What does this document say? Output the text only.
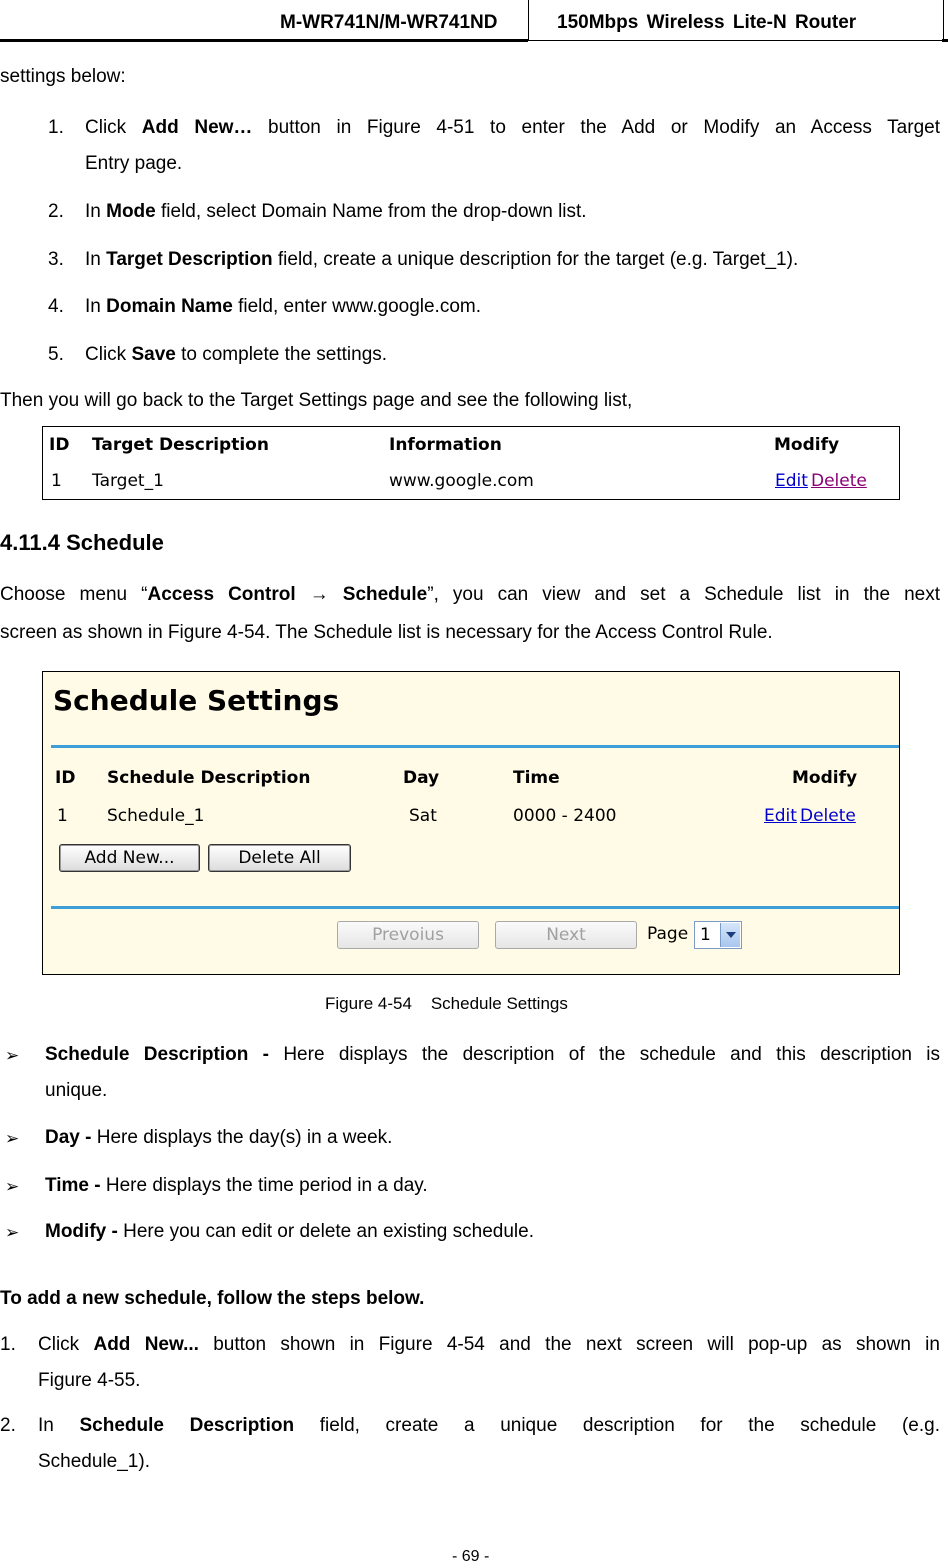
M-WR741N/M-WR741ND	150Mbps Wireless Lite-N Router
settings below:
1. Click Add New… button in Figure 4-51 to enter the Add or Modify an Access Target
Entry page.
2. In Mode field, select Domain Name from the drop-down list.
3. In Target Description field, create a unique description for the target (e.g. Target_1).
4. In Domain Name field, enter www.google.com.
5. Click Save to complete the settings.
Then you will go back to the Target Settings page and see the following list,
ID Target Description	Information	Modify
1 Target_1	www.google.com	Edit Delete
4.11.4 Schedule
Choose menu “Access Control → Schedule”, you can view and set a Schedule list in the next
screen as shown in Figure 4-54. The Schedule list is necessary for the Access Control Rule.
Schedule Settings
ID Schedule Description	Day	Time	Modify
1 Schedule_1	Sat	0000 - 2400	Edit Delete
Add New...	Delete All
Prevoius	Next	Page 1
Figure 4-54    Schedule Settings
➢ Schedule Description - Here displays the description of the schedule and this description is
unique.
➢ Day - Here displays the day(s) in a week.
➢ Time - Here displays the time period in a day.
➢ Modify - Here you can edit or delete an existing schedule.
To add a new schedule, follow the steps below.
1. Click Add New... button shown in Figure 4-54 and the next screen will pop-up as shown in
Figure 4-55.
2. In Schedule Description field, create a unique description for the schedule (e.g.
Schedule_1).
- 69 -
